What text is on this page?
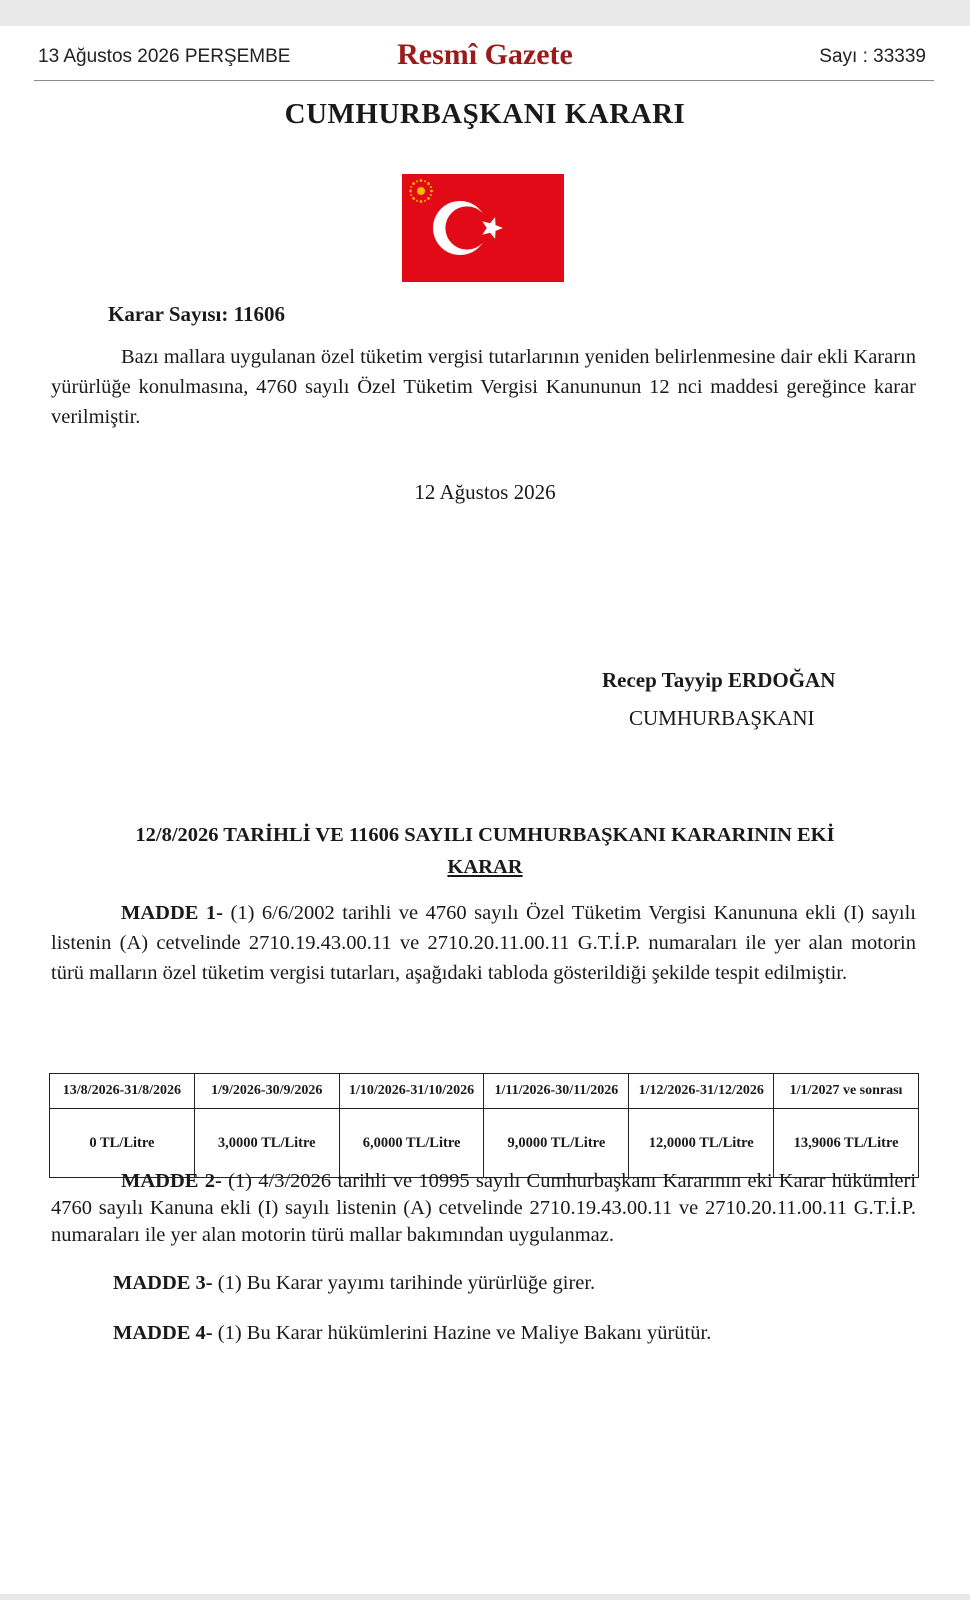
13 Ağustos 2026 PERŞEMBE	Resmî Gazete	Sayı : 33339
CUMHURBAŞKANI KARARI
Karar Sayısı: 11606
Bazı mallara uygulanan özel tüketim vergisi tutarlarının yeniden belirlenmesine dair ekli Kararın yürürlüğe konulmasına, 4760 sayılı Özel Tüketim Vergisi Kanununun 12 nci maddesi gereğince karar verilmiştir.
12 Ağustos 2026
Recep Tayyip ERDOĞAN
CUMHURBAŞKANI
12/8/2026 TARİHLİ VE 11606 SAYILI CUMHURBAŞKANI KARARININ EKİ
KARAR
MADDE 1- (1) 6/6/2002 tarihli ve 4760 sayılı Özel Tüketim Vergisi Kanununa ekli (I) sayılı listenin (A) cetvelinde 2710.19.43.00.11 ve 2710.20.11.00.11 G.T.İ.P. numaraları ile yer alan motorin türü malların özel tüketim vergisi tutarları, aşağıdaki tabloda gösterildiği şekilde tespit edilmiştir.
13/8/2026-31/8/2026	1/9/2026-30/9/2026	1/10/2026-31/10/2026	1/11/2026-30/11/2026	1/12/2026-31/12/2026	1/1/2027 ve sonrası
0 TL/Litre	3,0000 TL/Litre	6,0000 TL/Litre	9,0000 TL/Litre	12,0000 TL/Litre	13,9006 TL/Litre
MADDE 2- (1) 4/3/2026 tarihli ve 10995 sayılı Cumhurbaşkanı Kararının eki Karar hükümleri 4760 sayılı Kanuna ekli (I) sayılı listenin (A) cetvelinde 2710.19.43.00.11 ve 2710.20.11.00.11 G.T.İ.P. numaraları ile yer alan motorin türü mallar bakımından uygulanmaz.
MADDE 3- (1) Bu Karar yayımı tarihinde yürürlüğe girer.
MADDE 4- (1) Bu Karar hükümlerini Hazine ve Maliye Bakanı yürütür.
